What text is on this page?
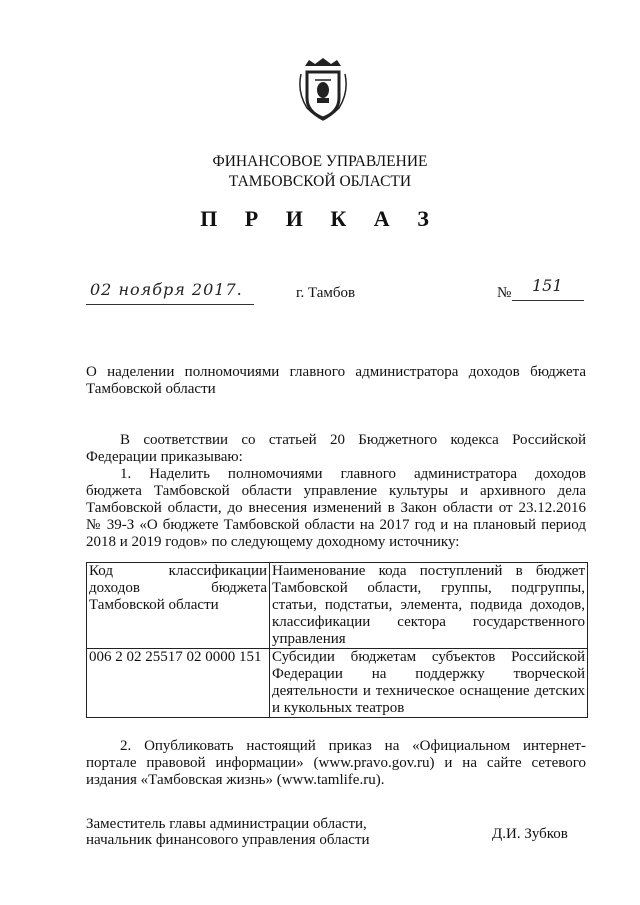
ФИНАНСОВОЕ УПРАВЛЕНИЕ
ТАМБОВСКОЙ ОБЛАСТИ
П Р И К А З
02 ноября 2017.	г. Тамбов	№ 151
О наделении полномочиями главного администратора доходов бюджета
Тамбовской области
В соответствии со статьей 20 Бюджетного кодекса Российской
Федерации приказываю:
1. Наделить полномочиями главного администратора доходов
бюджета Тамбовской области управление культуры и архивного дела
Тамбовской области, до внесения изменений в Закон области от 23.12.2016
№ 39-З «О бюджете Тамбовской области на 2017 год и на плановый период
2018 и 2019 годов» по следующему доходному источнику:
Код классификации доходов бюджета Тамбовской области	Наименование кода поступлений в бюджет Тамбовской области, группы, подгруппы, статьи, подстатьи, элемента, подвида доходов, классификации сектора государственного управления
006 2 02 25517 02 0000 151	Субсидии бюджетам субъектов Российской Федерации на поддержку творческой деятельности и техническое оснащение детских и кукольных театров
2. Опубликовать настоящий приказ на «Официальном интернет-
портале правовой информации» (www.pravo.gov.ru) и на сайте сетевого
издания «Тамбовская жизнь» (www.tamlife.ru).
Заместитель главы администрации области,
начальник финансового управления области	Д.И. Зубков
